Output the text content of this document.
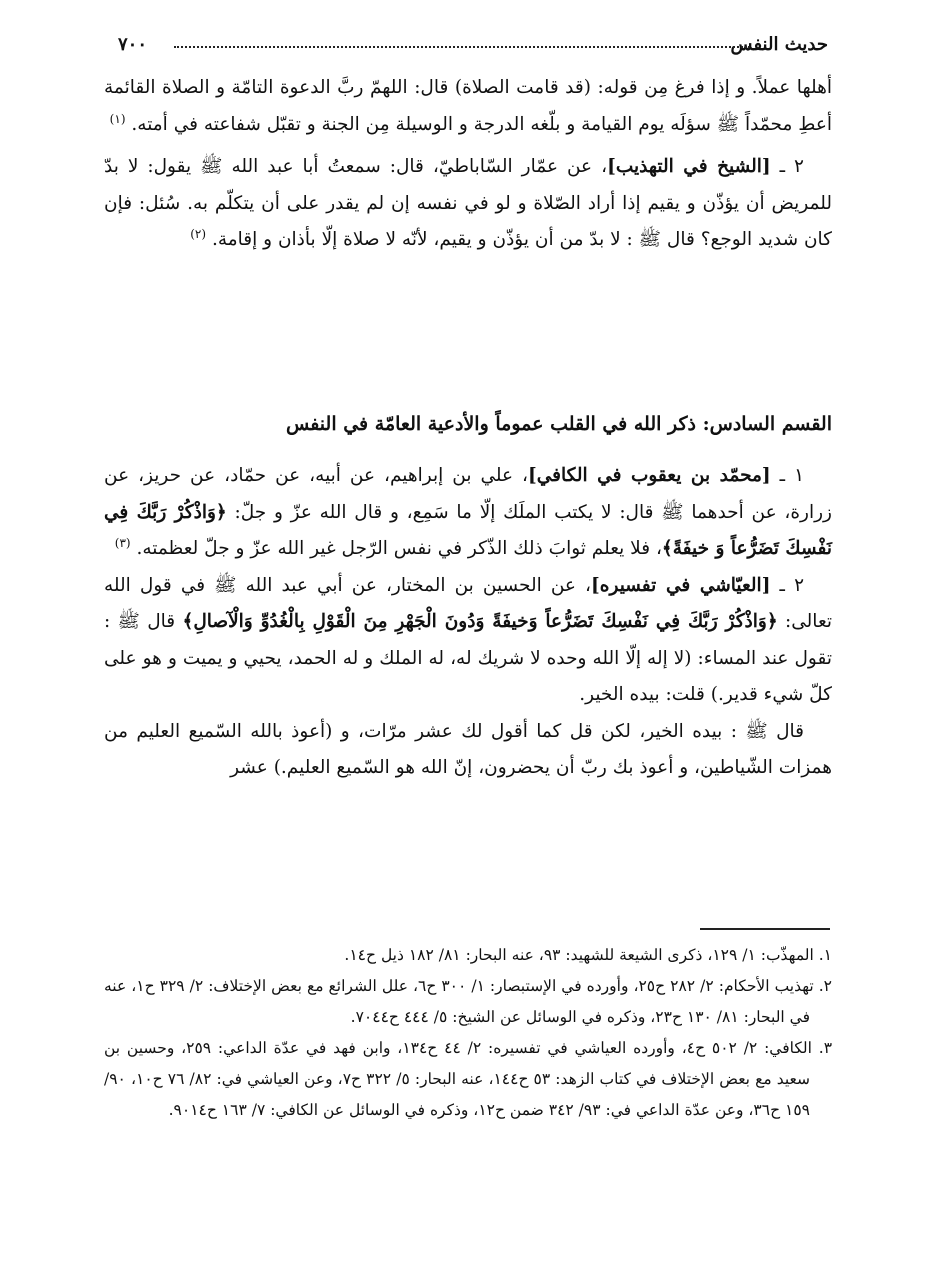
حديث النفس
٧٠٠

أهلها عملاً. و إذا فرغ مِن قوله: (قد قامت الصلاة) قال: اللهمّ ربَّ الدعوة التامّة و الصلاة القائمة أعطِ محمّداً ﷺ سؤلَه يوم القيامة و بلّغه الدرجة و الوسيلة مِن الجنة و تقبّل شفاعته في أمته. $^{(١)}$

٢ ـ [الشيخ في التهذيب]، عن عمّار السّاباطيّ، قال: سمعتُ أبا عبد الله ﷺ يقول: لا بدّ للمريض أن يؤذّن و يقيم إذا أراد الصّلاة و لو في نفسه إن لم يقدر على أن يتكلّم به. سُئل: فإن كان شديد الوجع؟ قال ﷺ : لا بدّ من أن يؤذّن و يقيم، لأنّه لا صلاة إلّا بأذان و إقامة. $^{(٢)}$

القسم السادس: ذكر الله في القلب عموماً والأدعية العامّة في النفس

١ ـ [محمّد بن يعقوب في الكافي]، علي بن إبراهيم، عن أبيه، عن حمّاد، عن حريز، عن زرارة، عن أحدهما ﷺ قال: لا يكتب الملَك إلّا ما سَمِع، و قال الله عزّ و جلّ: ﴿وَاذْكُرْ رَبَّكَ فِي نَفْسِكَ تَضَرُّعاً وَ خيفَةً﴾، فلا يعلم ثوابَ ذلك الذّكر في نفس الرّجل غير الله عزّ و جلّ لعظمته. $^{(٣)}$

٢ ـ [العيّاشي في تفسيره]، عن الحسين بن المختار، عن أبي عبد الله ﷺ في قول الله تعالى: ﴿وَاذْكُرْ رَبَّكَ فِي نَفْسِكَ تَضَرُّعاً وَخيفَةً وَدُونَ الْجَهْرِ مِنَ الْقَوْلِ بِالْغُدُوِّ وَالْآصالِ﴾ قال ﷺ : تقول عند المساء: (لا إله إلّا الله وحده لا شريك له، له الملك و له الحمد، يحيي و يميت و هو على كلّ شيء قدير.) قلت: بيده الخير.

قال ﷺ : بيده الخير، لكن قل كما أقول لك عشر مرّات، و (أعوذ بالله السّميع العليم من همزات الشّياطين، و أعوذ بك ربّ أن يحضرون، إنّ الله هو السّميع العليم.) عشر

١. المهذّب: ١/ ١٢٩، ذكرى الشيعة للشهيد: ٩٣، عنه البحار: ٨١/ ١٨٢ ذيل ح١٤.

٢. تهذيب الأحكام: ٢/ ٢٨٢ ح٢٥، وأورده في الإستبصار: ١/ ٣٠٠ ح٦، علل الشرائع مع بعض الإختلاف: ٢/ ٣٢٩ ح١، عنه في البحار: ٨١/ ١٣٠ ح٢٣، وذكره في الوسائل عن الشيخ: ٥/ ٤٤٤ ح٧٠٤٤.

٣. الكافي: ٢/ ٥٠٢ ح٤، وأورده العياشي في تفسيره: ٢/ ٤٤ ح١٣٤، وابن فهد في عدّة الداعي: ٢٥٩، وحسين بن سعيد مع بعض الإختلاف في كتاب الزهد: ٥٣ ح١٤٤، عنه البحار: ٥/ ٣٢٢ ح٧، وعن العياشي في: ٨٢/ ٧٦ ح١٠، ٩٠/ ١٥٩ ح٣٦، وعن عدّة الداعي في: ٩٣/ ٣٤٢ ضمن ح١٢، وذكره في الوسائل عن الكافي: ٧/ ١٦٣ ح٩٠١٤.
